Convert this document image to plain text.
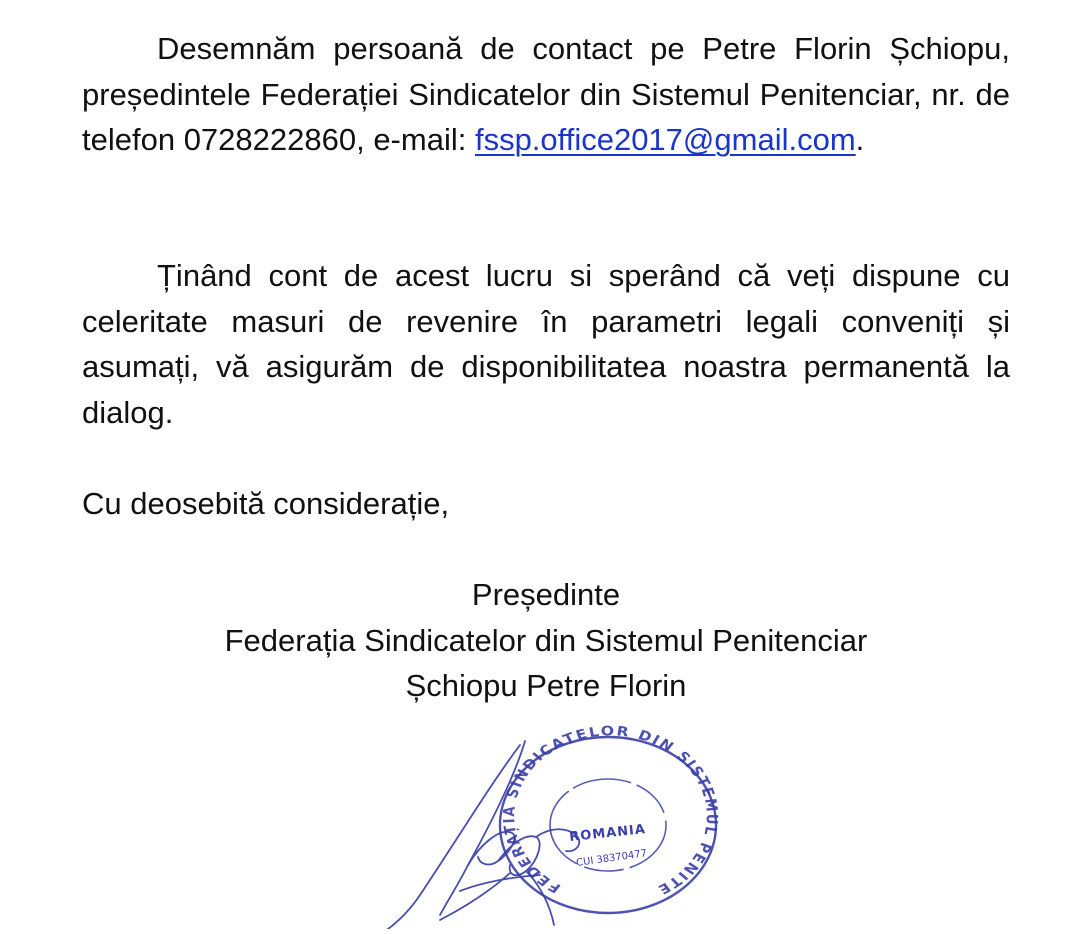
Desemnăm persoană de contact pe Petre Florin Șchiopu, președintele Federației Sindicatelor din Sistemul Penitenciar, nr. de telefon 0728222860, e-mail: fssp.office2017@gmail.com.

Ținând cont de acest lucru si sperând că veți dispune cu celeritate masuri de revenire în parametri legali conveniți și asumați, vă asigurăm de disponibilitatea noastra permanentă la dialog.

Cu deosebită considerație,

Președinte
Federația Sindicatelor din Sistemul Penitenciar
Șchiopu Petre Florin
FEDERAȚIA SINDICATELOR DIN SISTEMUL PENITE
ROMANIA
CUI 38370477
